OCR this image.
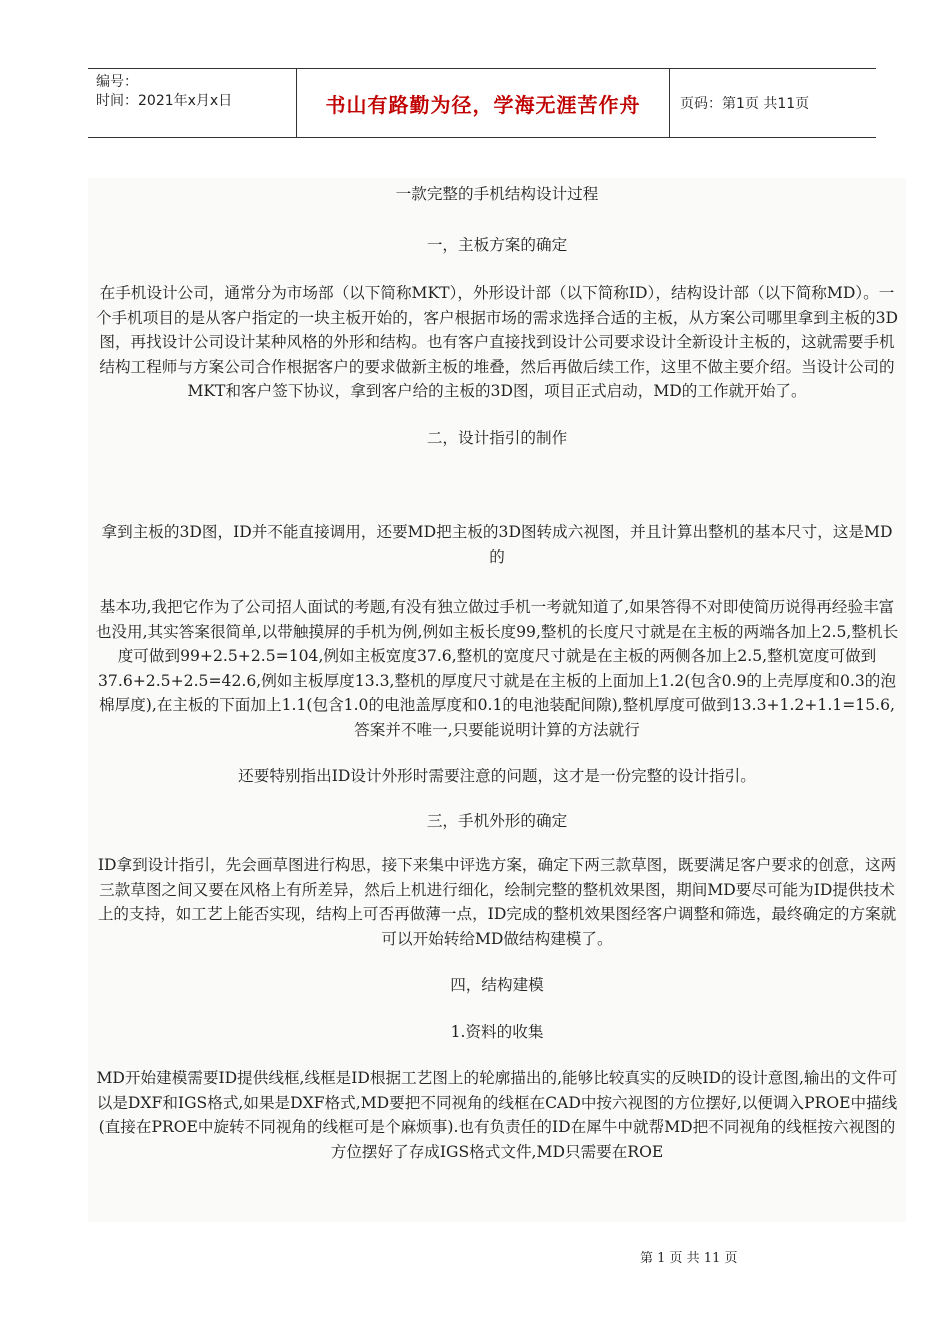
编号：
时间：2021年x月x日	书山有路勤为径，学海无涯苦作舟	页码：第1页 共11页

一款完整的手机结构设计过程

一，主板方案的确定

在手机设计公司，通常分为市场部（以下简称MKT），外形设计部（以下简称ID），结构设计部（以下简称MD）。一个手机项目的是从客户指定的一块主板开始的，客户根据市场的需求选择合适的主板，从方案公司哪里拿到主板的3D图，再找设计公司设计某种风格的外形和结构。也有客户直接找到设计公司要求设计全新设计主板的，这就需要手机结构工程师与方案公司合作根据客户的要求做新主板的堆叠，然后再做后续工作，这里不做主要介绍。当设计公司的MKT和客户签下协议，拿到客户给的主板的3D图，项目正式启动，MD的工作就开始了。

二，设计指引的制作

拿到主板的3D图，ID并不能直接调用，还要MD把主板的3D图转成六视图，并且计算出整机的基本尺寸，这是MD的

基本功,我把它作为了公司招人面试的考题,有没有独立做过手机一考就知道了,如果答得不对即使简历说得再经验丰富也没用,其实答案很简单,以带触摸屏的手机为例,例如主板长度99,整机的长度尺寸就是在主板的两端各加上2.5,整机长度可做到99+2.5+2.5=104,例如主板宽度37.6,整机的宽度尺寸就是在主板的两侧各加上2.5,整机宽度可做到37.6+2.5+2.5=42.6,例如主板厚度13.3,整机的厚度尺寸就是在主板的上面加上1.2(包含0.9的上壳厚度和0.3的泡棉厚度),在主板的下面加上1.1(包含1.0的电池盖厚度和0.1的电池装配间隙),整机厚度可做到13.3+1.2+1.1=15.6,答案并不唯一,只要能说明计算的方法就行

还要特别指出ID设计外形时需要注意的问题，这才是一份完整的设计指引。

三，手机外形的确定

ID拿到设计指引，先会画草图进行构思，接下来集中评选方案，确定下两三款草图，既要满足客户要求的创意，这两三款草图之间又要在风格上有所差异，然后上机进行细化，绘制完整的整机效果图，期间MD要尽可能为ID提供技术上的支持，如工艺上能否实现，结构上可否再做薄一点，ID完成的整机效果图经客户调整和筛选，最终确定的方案就可以开始转给MD做结构建模了。

四，结构建模

1.资料的收集

MD开始建模需要ID提供线框,线框是ID根据工艺图上的轮廓描出的,能够比较真实的反映ID的设计意图,输出的文件可以是DXF和IGS格式,如果是DXF格式,MD要把不同视角的线框在CAD中按六视图的方位摆好,以便调入PROE中描线(直接在PROE中旋转不同视角的线框可是个麻烦事).也有负责任的ID在犀牛中就帮MD把不同视角的线框按六视图的方位摆好了存成IGS格式文件,MD只需要在ROE

第 1 页 共 11 页
